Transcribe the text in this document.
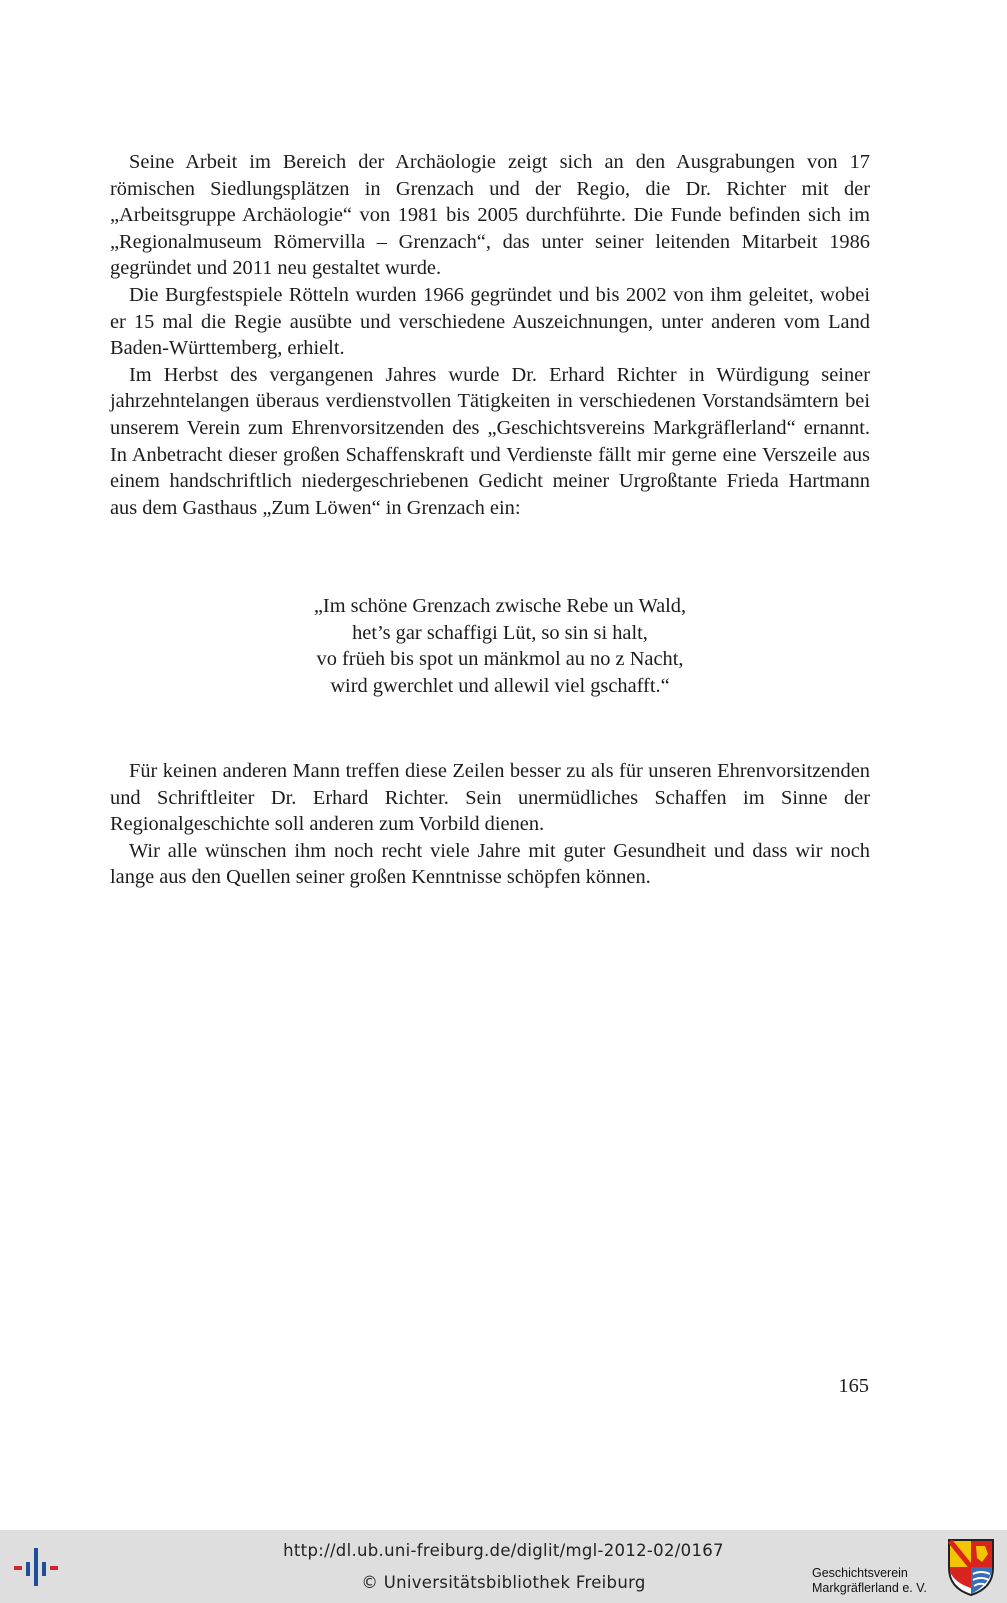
Seine Arbeit im Bereich der Archäologie zeigt sich an den Ausgrabungen von 17 römischen Siedlungsplätzen in Grenzach und der Regio, die Dr. Richter mit der „Arbeitsgruppe Archäologie“ von 1981 bis 2005 durchführte. Die Funde befinden sich im „Regionalmuseum Römervilla – Grenzach“, das unter seiner leitenden Mitarbeit 1986 gegründet und 2011 neu gestaltet wurde.

Die Burgfestspiele Rötteln wurden 1966 gegründet und bis 2002 von ihm geleitet, wobei er 15 mal die Regie ausübte und verschiedene Auszeichnungen, unter anderen vom Land Baden-Württemberg, erhielt.

Im Herbst des vergangenen Jahres wurde Dr. Erhard Richter in Würdigung seiner jahrzehntelangen überaus verdienstvollen Tätigkeiten in verschiedenen Vorstandsämtern bei unserem Verein zum Ehrenvorsitzenden des „Geschichtsvereins Markgräflerland“ ernannt. In Anbetracht dieser großen Schaffenskraft und Verdienste fällt mir gerne eine Verszeile aus einem handschriftlich niedergeschriebenen Gedicht meiner Urgroßtante Frieda Hartmann aus dem Gasthaus „Zum Löwen“ in Grenzach ein:

„Im schöne Grenzach zwische Rebe un Wald,
het’s gar schaffigi Lüt, so sin si halt,
vo früeh bis spot un mänkmol au no z Nacht,
wird gwerchlet und allewil viel gschafft.“

Für keinen anderen Mann treffen diese Zeilen besser zu als für unseren Ehrenvorsitzenden und Schriftleiter Dr. Erhard Richter. Sein unermüdliches Schaffen im Sinne der Regionalgeschichte soll anderen zum Vorbild dienen.

Wir alle wünschen ihm noch recht viele Jahre mit guter Gesundheit und dass wir noch lange aus den Quellen seiner großen Kenntnisse schöpfen können.

165
http://dl.ub.uni-freiburg.de/diglit/mgl-2012-02/0167
© Universitätsbibliothek Freiburg	Geschichtsverein
Markgräflerland e. V.
